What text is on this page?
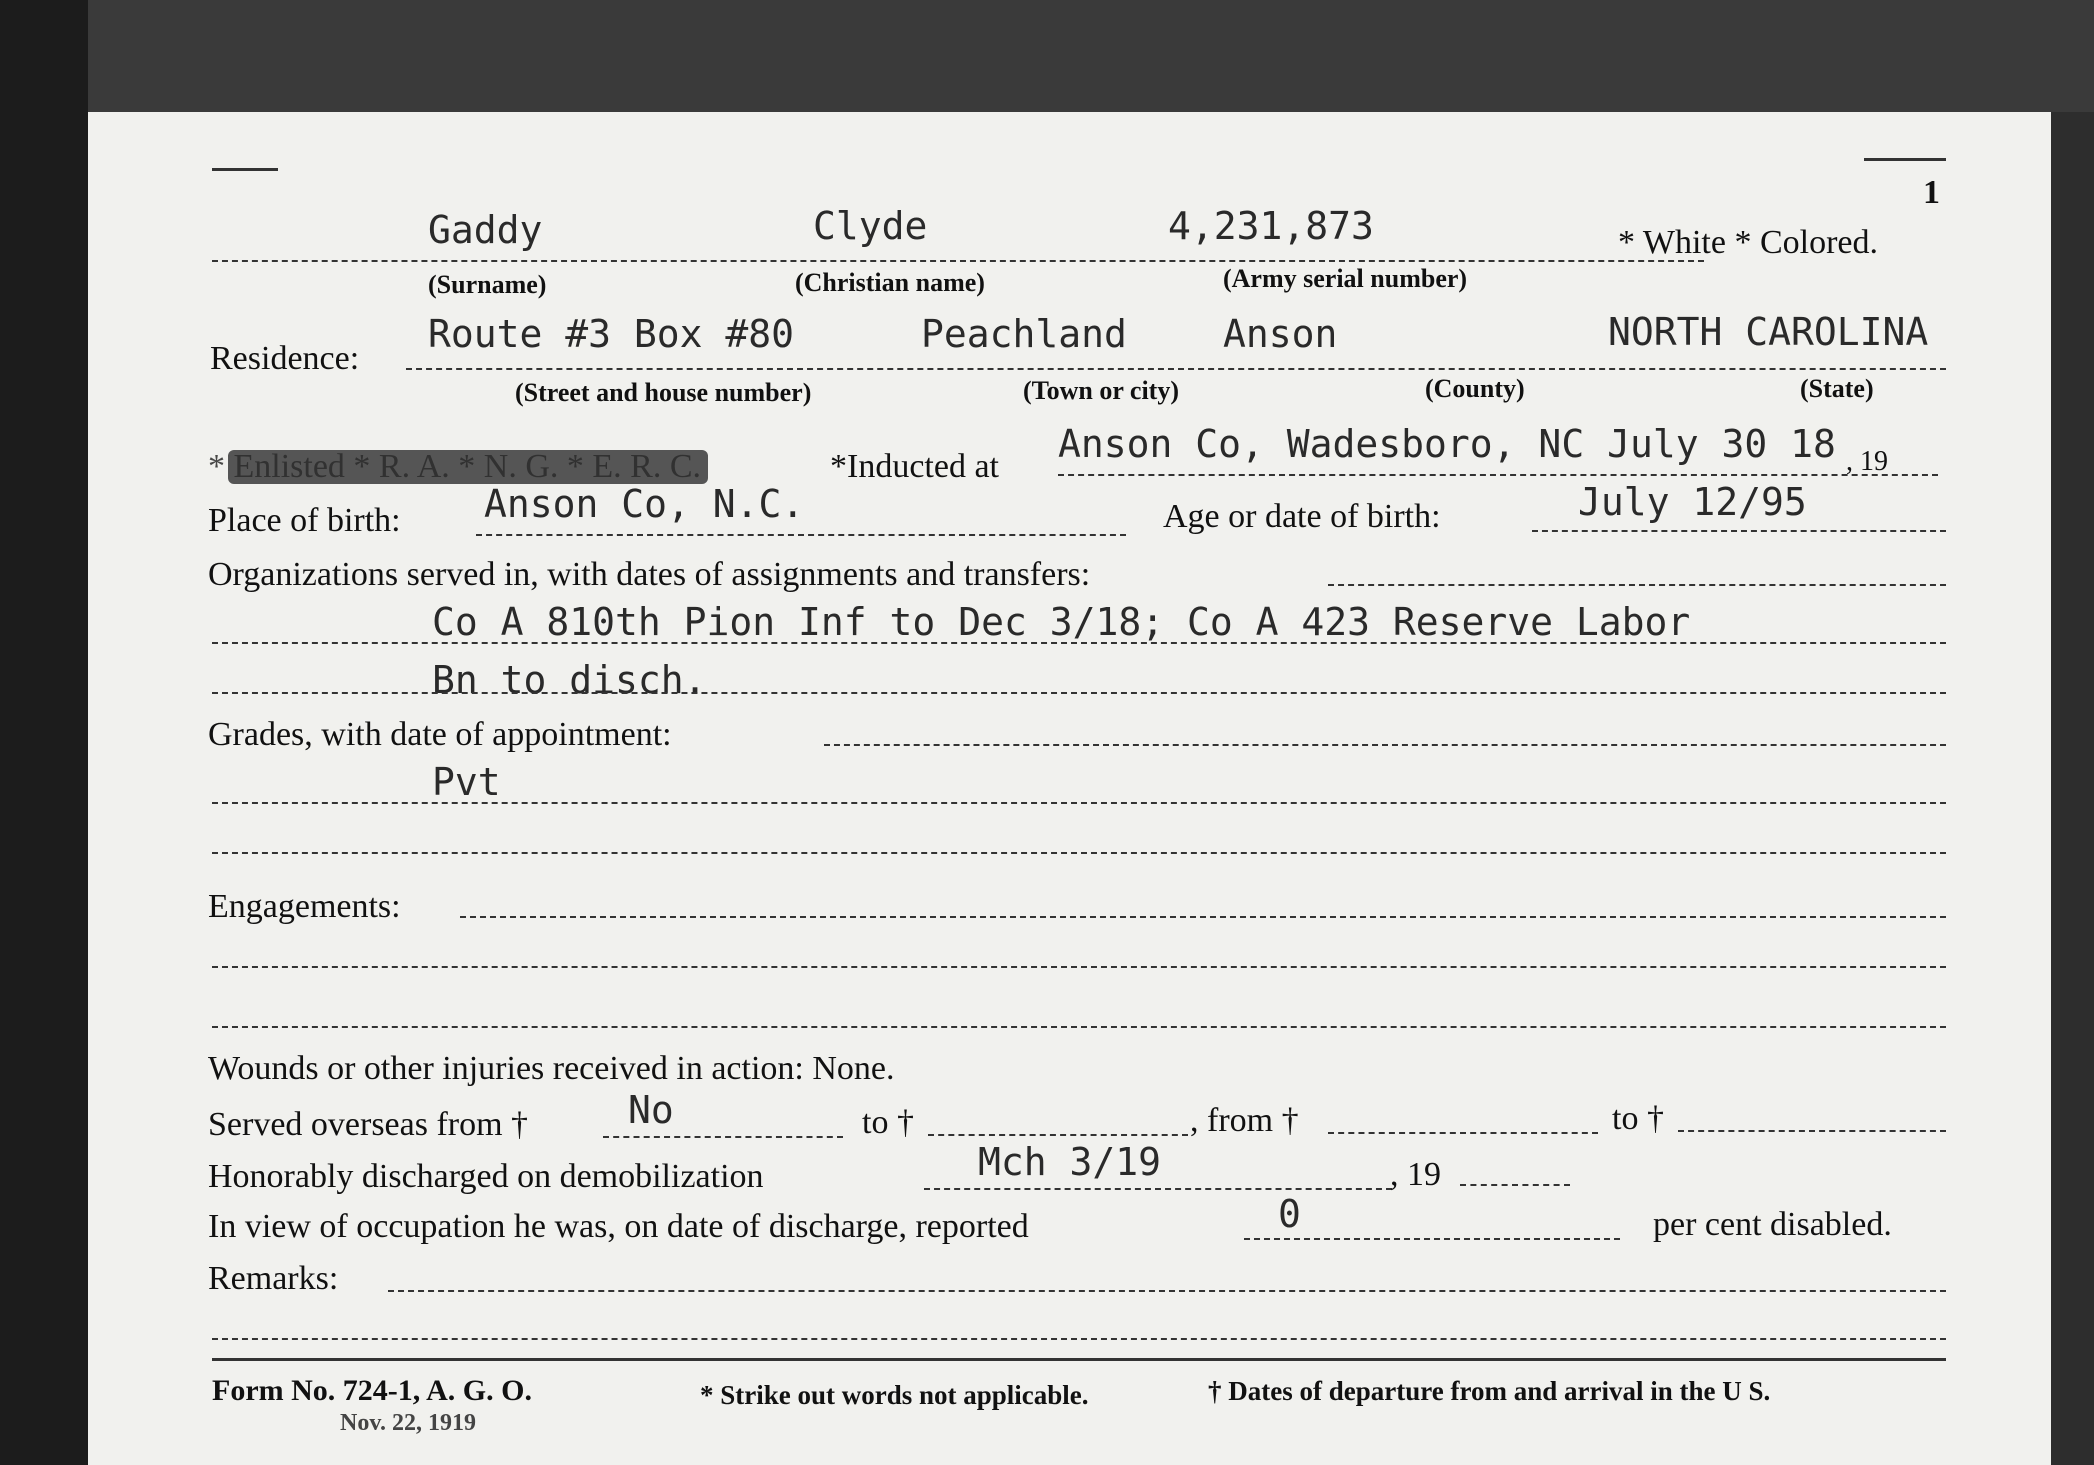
1
Gaddy	Clyde	4,231,873	* White * Colored.
(Surname)	(Christian name)	(Army serial number)
Residence:
Route #3 Box #80	Peachland	Anson	NORTH CAROLINA
(Street and house number)	(Town or city)	(County)	(State)
* Enlisted * R. A. * N. G. * E. R. C.	*Inducted at
Anson Co, Wadesboro, NC July 30 18 , 19
Place of birth: Anson Co, N.C.	Age or date of birth:	July 12/95
Organizations served in, with dates of assignments and transfers:
Co A 810th Pion Inf to Dec 3/18; Co A 423 Reserve Labor
Bn to disch.
Grades, with date of appointment:
Pvt
Engagements:
Wounds or other injuries received in action: None.
Served overseas from †	No	to †	, from †	to †
Honorably discharged on demobilization	Mch 3/19	, 19
In view of occupation he was, on date of discharge, reported	0	per cent disabled.
Remarks:
Form No. 724-1, A. G. O.
Nov. 22, 1919
* Strike out words not applicable.	† Dates of departure from and arrival in the U S.
